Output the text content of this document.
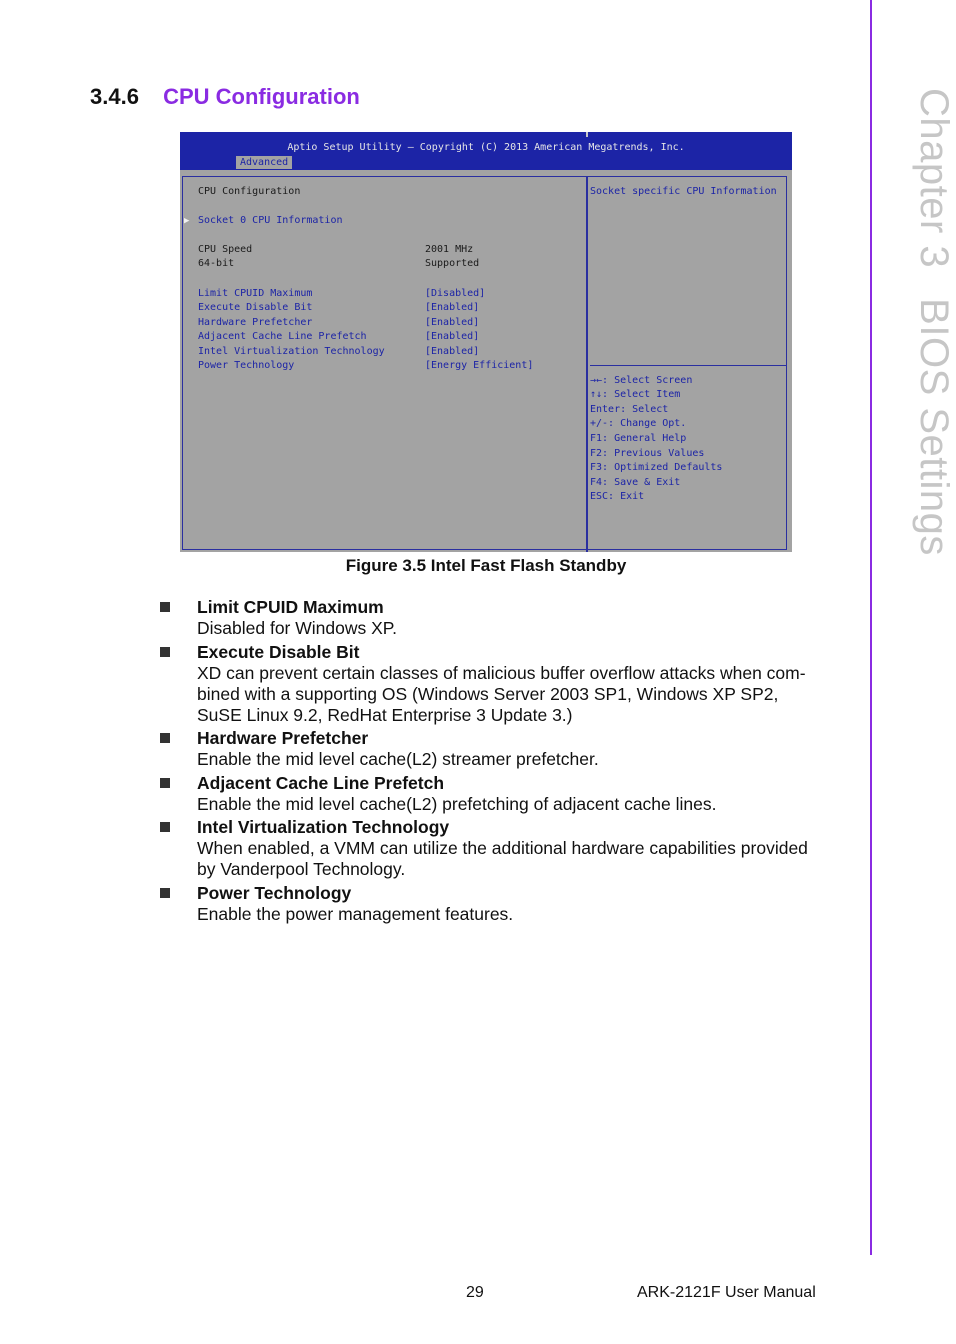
Chapter 3BIOS Settings
3.4.6 CPU Configuration
Aptio Setup Utility – Copyright (C) 2013 American Megatrends, Inc.
Advanced
CPU Configuration
▶ Socket 0 CPU Information
CPU Speed	2001 MHz
64-bit	Supported
Limit CPUID Maximum	[Disabled]
Execute Disable Bit	[Enabled]
Hardware Prefetcher	[Enabled]
Adjacent Cache Line Prefetch	[Enabled]
Intel Virtualization Technology	[Enabled]
Power Technology	[Energy Efficient]
Socket specific CPU Information
→←: Select Screen
↑↓: Select Item
Enter: Select
+/-: Change Opt.
F1: General Help
F2: Previous Values
F3: Optimized Defaults
F4: Save & Exit
ESC: Exit
Figure 3.5 Intel Fast Flash Standby
Limit CPUID Maximum
Disabled for Windows XP.
Execute Disable Bit
XD can prevent certain classes of malicious buffer overflow attacks when com-
bined with a supporting OS (Windows Server 2003 SP1, Windows XP SP2,
SuSE Linux 9.2, RedHat Enterprise 3 Update 3.)
Hardware Prefetcher
Enable the mid level cache(L2) streamer prefetcher.
Adjacent Cache Line Prefetch
Enable the mid level cache(L2) prefetching of adjacent cache lines.
Intel Virtualization Technology
When enabled, a VMM can utilize the additional hardware capabilities provided
by Vanderpool Technology.
Power Technology
Enable the power management features.
29	ARK-2121F User Manual
